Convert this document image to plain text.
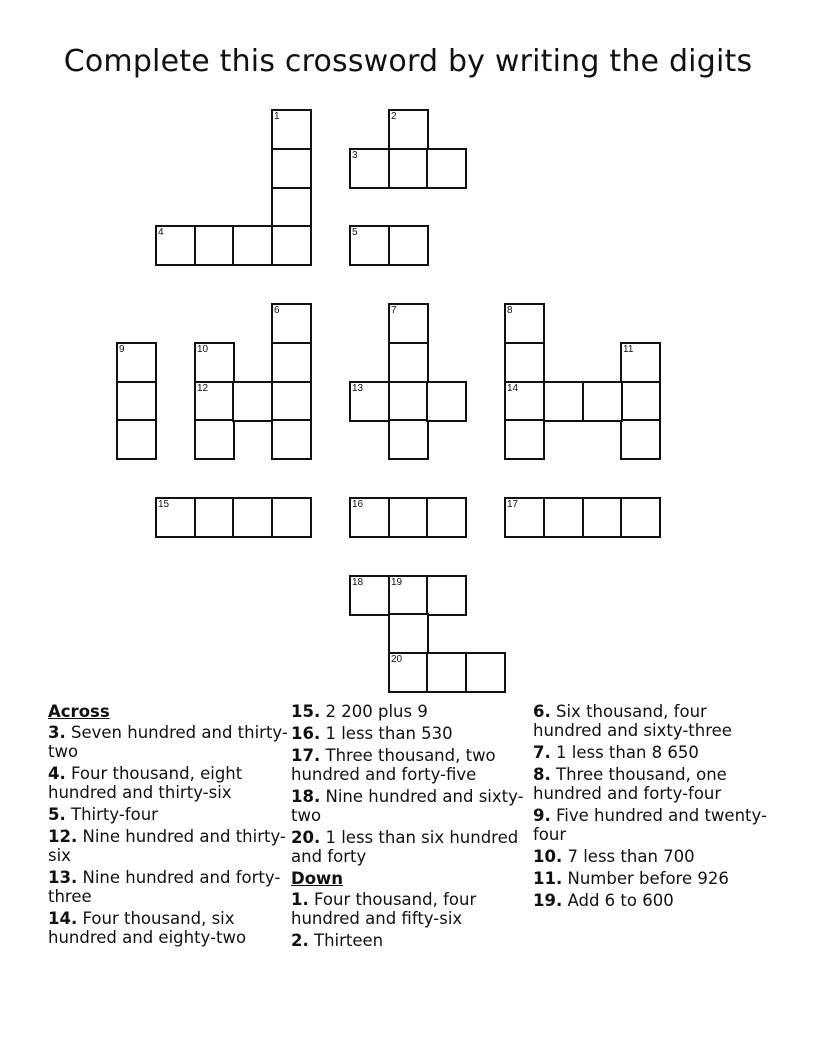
Complete this crossword by writing the digits
1	2
3
4	5
6	7	8
14
9	10
12
11
13
15	16	17
18	19
20
Across
3. Seven hundred and thirty-two
4. Four thousand, eight hundred and thirty-six
5. Thirty-four
12. Nine hundred and thirty-six
13. Nine hundred and forty-three
14. Four thousand, six hundred and eighty-two
15. 2 200 plus 9
16. 1 less than 530
17. Three thousand, two hundred and forty-five
18. Nine hundred and sixty-two
20. 1 less than six hundred and forty
Down
1. Four thousand, four hundred and fifty-six
2. Thirteen
6. Six thousand, four hundred and sixty-three
7. 1 less than 8 650
8. Three thousand, one hundred and forty-four
9. Five hundred and twenty-four
10. 7 less than 700
11. Number before 926
19. Add 6 to 600
